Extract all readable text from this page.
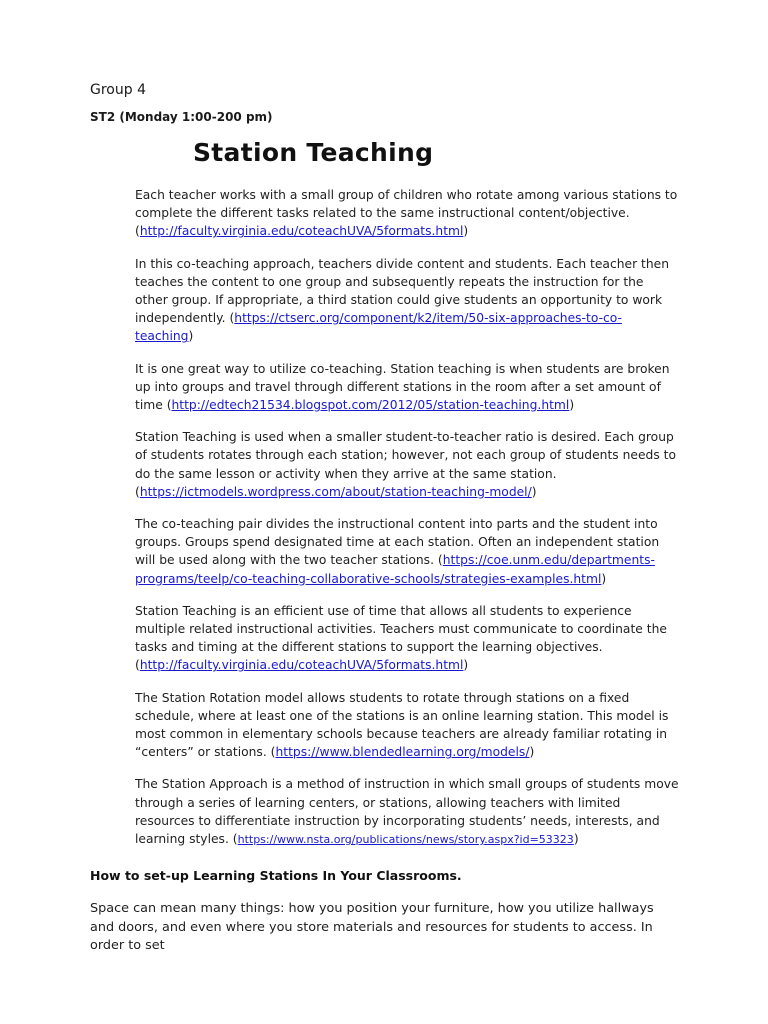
Group 4
ST2 (Monday 1:00-200 pm)
Station Teaching

Each teacher works with a small group of children who rotate among various stations to complete the different tasks related to the same instructional content/objective. (http://faculty.virginia.edu/coteachUVA/5formats.html)

In this co-teaching approach, teachers divide content and students. Each teacher then teaches the content to one group and subsequently repeats the instruction for the other group. If appropriate, a third station could give students an opportunity to work independently. (https://ctserc.org/component/k2/item/50-six-approaches-to-co-teaching)

It is one great way to utilize co-teaching. Station teaching is when students are broken up into groups and travel through different stations in the room after a set amount of time (http://edtech21534.blogspot.com/2012/05/station-teaching.html)

Station Teaching is used when a smaller student-to-teacher ratio is desired. Each group of students rotates through each station; however, not each group of students needs to do the same lesson or activity when they arrive at the same station. (https://ictmodels.wordpress.com/about/station-teaching-model/)

The co-teaching pair divides the instructional content into parts and the student into groups. Groups spend designated time at each station. Often an independent station will be used along with the two teacher stations. (https://coe.unm.edu/departments-programs/teelp/co-teaching-collaborative-schools/strategies-examples.html)

Station Teaching is an efficient use of time that allows all students to experience multiple related instructional activities. Teachers must communicate to coordinate the tasks and timing at the different stations to support the learning objectives. (http://faculty.virginia.edu/coteachUVA/5formats.html)

The Station Rotation model allows students to rotate through stations on a fixed schedule, where at least one of the stations is an online learning station. This model is most common in elementary schools because teachers are already familiar rotating in “centers” or stations. (https://www.blendedlearning.org/models/)

The Station Approach is a method of instruction in which small groups of students move through a series of learning centers, or stations, allowing teachers with limited resources to differentiate instruction by incorporating students’ needs, interests, and learning styles. (https://www.nsta.org/publications/news/story.aspx?id=53323)

How to set-up Learning Stations In Your Classrooms.

Space can mean many things: how you position your furniture, how you utilize hallways and doors, and even where you store materials and resources for students to access. In order to set
